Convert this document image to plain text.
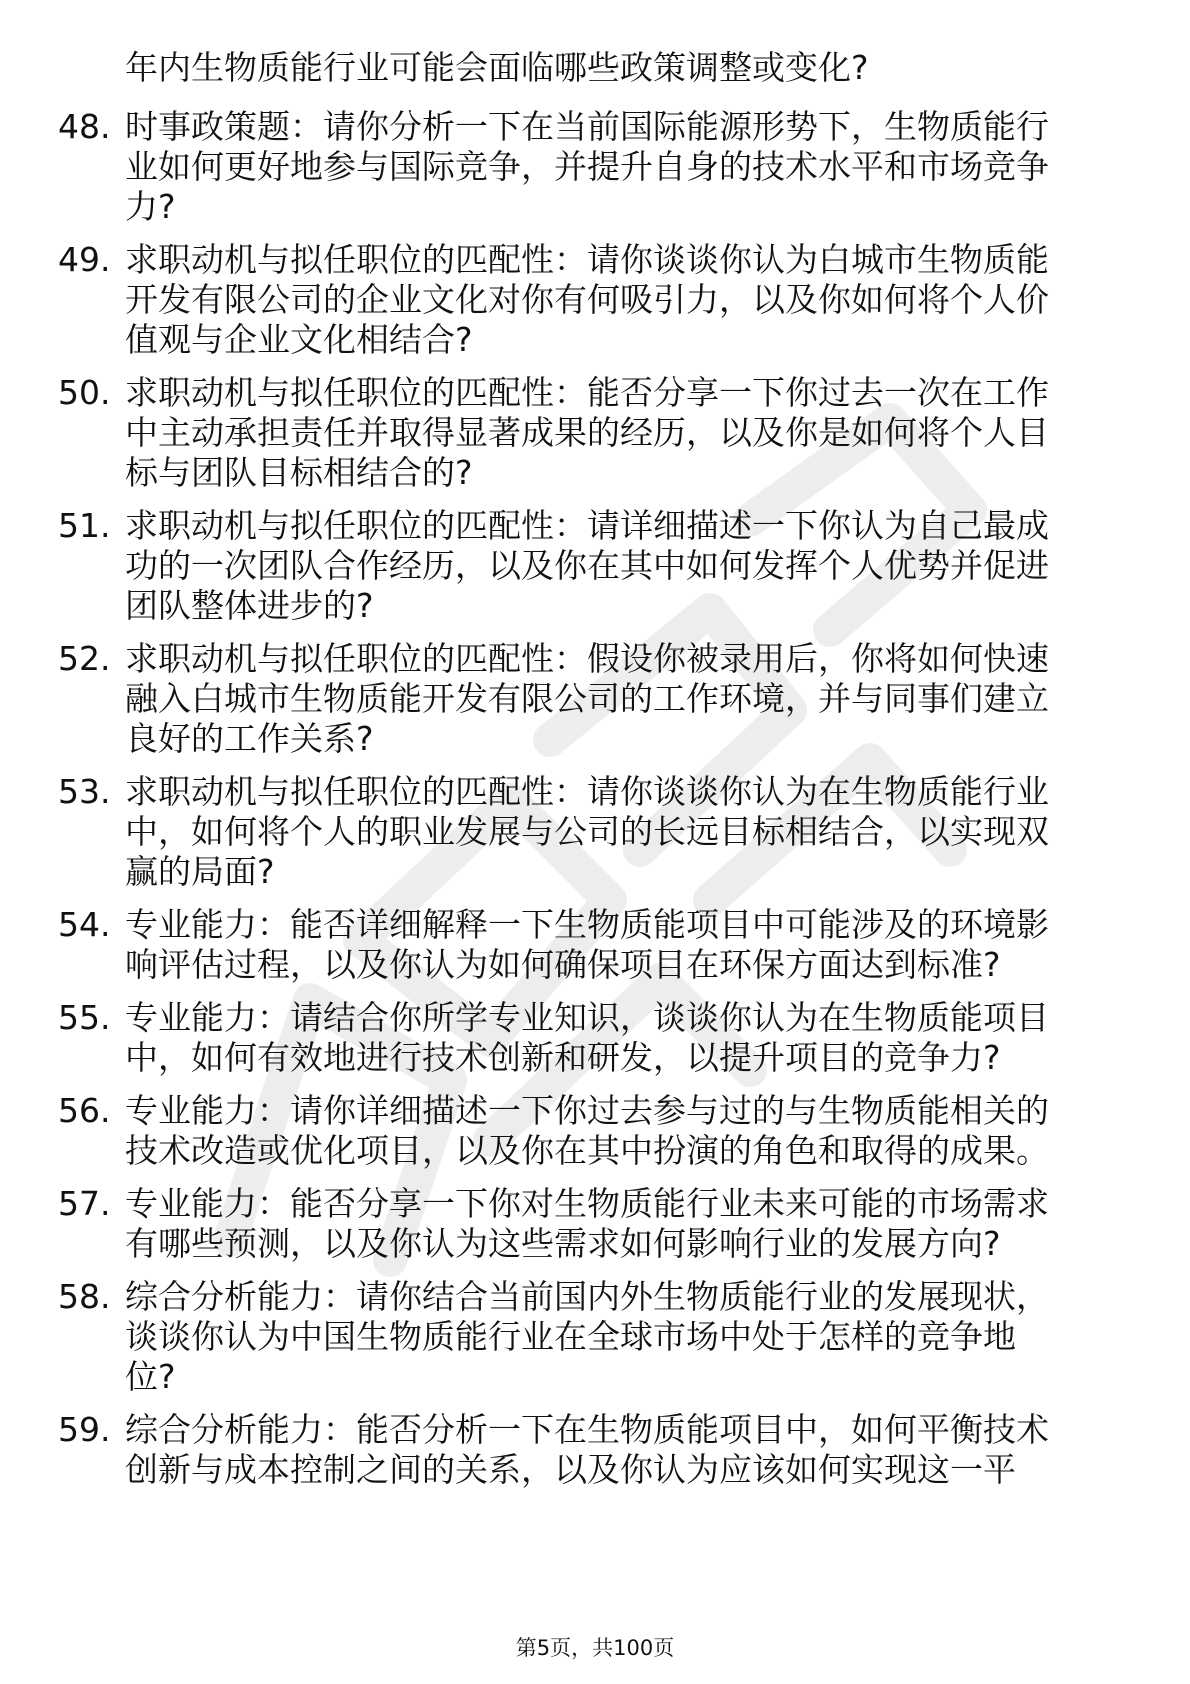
年内生物质能行业可能会面临哪些政策调整或变化?
48. 时事政策题：请你分析一下在当前国际能源形势下，生物质能行
业如何更好地参与国际竞争，并提升自身的技术水平和市场竞争
力?
49. 求职动机与拟任职位的匹配性：请你谈谈你认为白城市生物质能
开发有限公司的企业文化对你有何吸引力，以及你如何将个人价
值观与企业文化相结合?
50. 求职动机与拟任职位的匹配性：能否分享一下你过去一次在工作
中主动承担责任并取得显著成果的经历，以及你是如何将个人目
标与团队目标相结合的?
51. 求职动机与拟任职位的匹配性：请详细描述一下你认为自己最成
功的一次团队合作经历，以及你在其中如何发挥个人优势并促进
团队整体进步的?
52. 求职动机与拟任职位的匹配性：假设你被录用后，你将如何快速
融入白城市生物质能开发有限公司的工作环境，并与同事们建立
良好的工作关系?
53. 求职动机与拟任职位的匹配性：请你谈谈你认为在生物质能行业
中，如何将个人的职业发展与公司的长远目标相结合，以实现双
赢的局面?
54. 专业能力：能否详细解释一下生物质能项目中可能涉及的环境影
响评估过程，以及你认为如何确保项目在环保方面达到标准?
55. 专业能力：请结合你所学专业知识，谈谈你认为在生物质能项目
中，如何有效地进行技术创新和研发，以提升项目的竞争力?
56. 专业能力：请你详细描述一下你过去参与过的与生物质能相关的
技术改造或优化项目，以及你在其中扮演的角色和取得的成果。
57. 专业能力：能否分享一下你对生物质能行业未来可能的市场需求
有哪些预测，以及你认为这些需求如何影响行业的发展方向?
58. 综合分析能力：请你结合当前国内外生物质能行业的发展现状，
谈谈你认为中国生物质能行业在全球市场中处于怎样的竞争地
位?
59. 综合分析能力：能否分析一下在生物质能项目中，如何平衡技术
创新与成本控制之间的关系，以及你认为应该如何实现这一平
第5页，共100页
